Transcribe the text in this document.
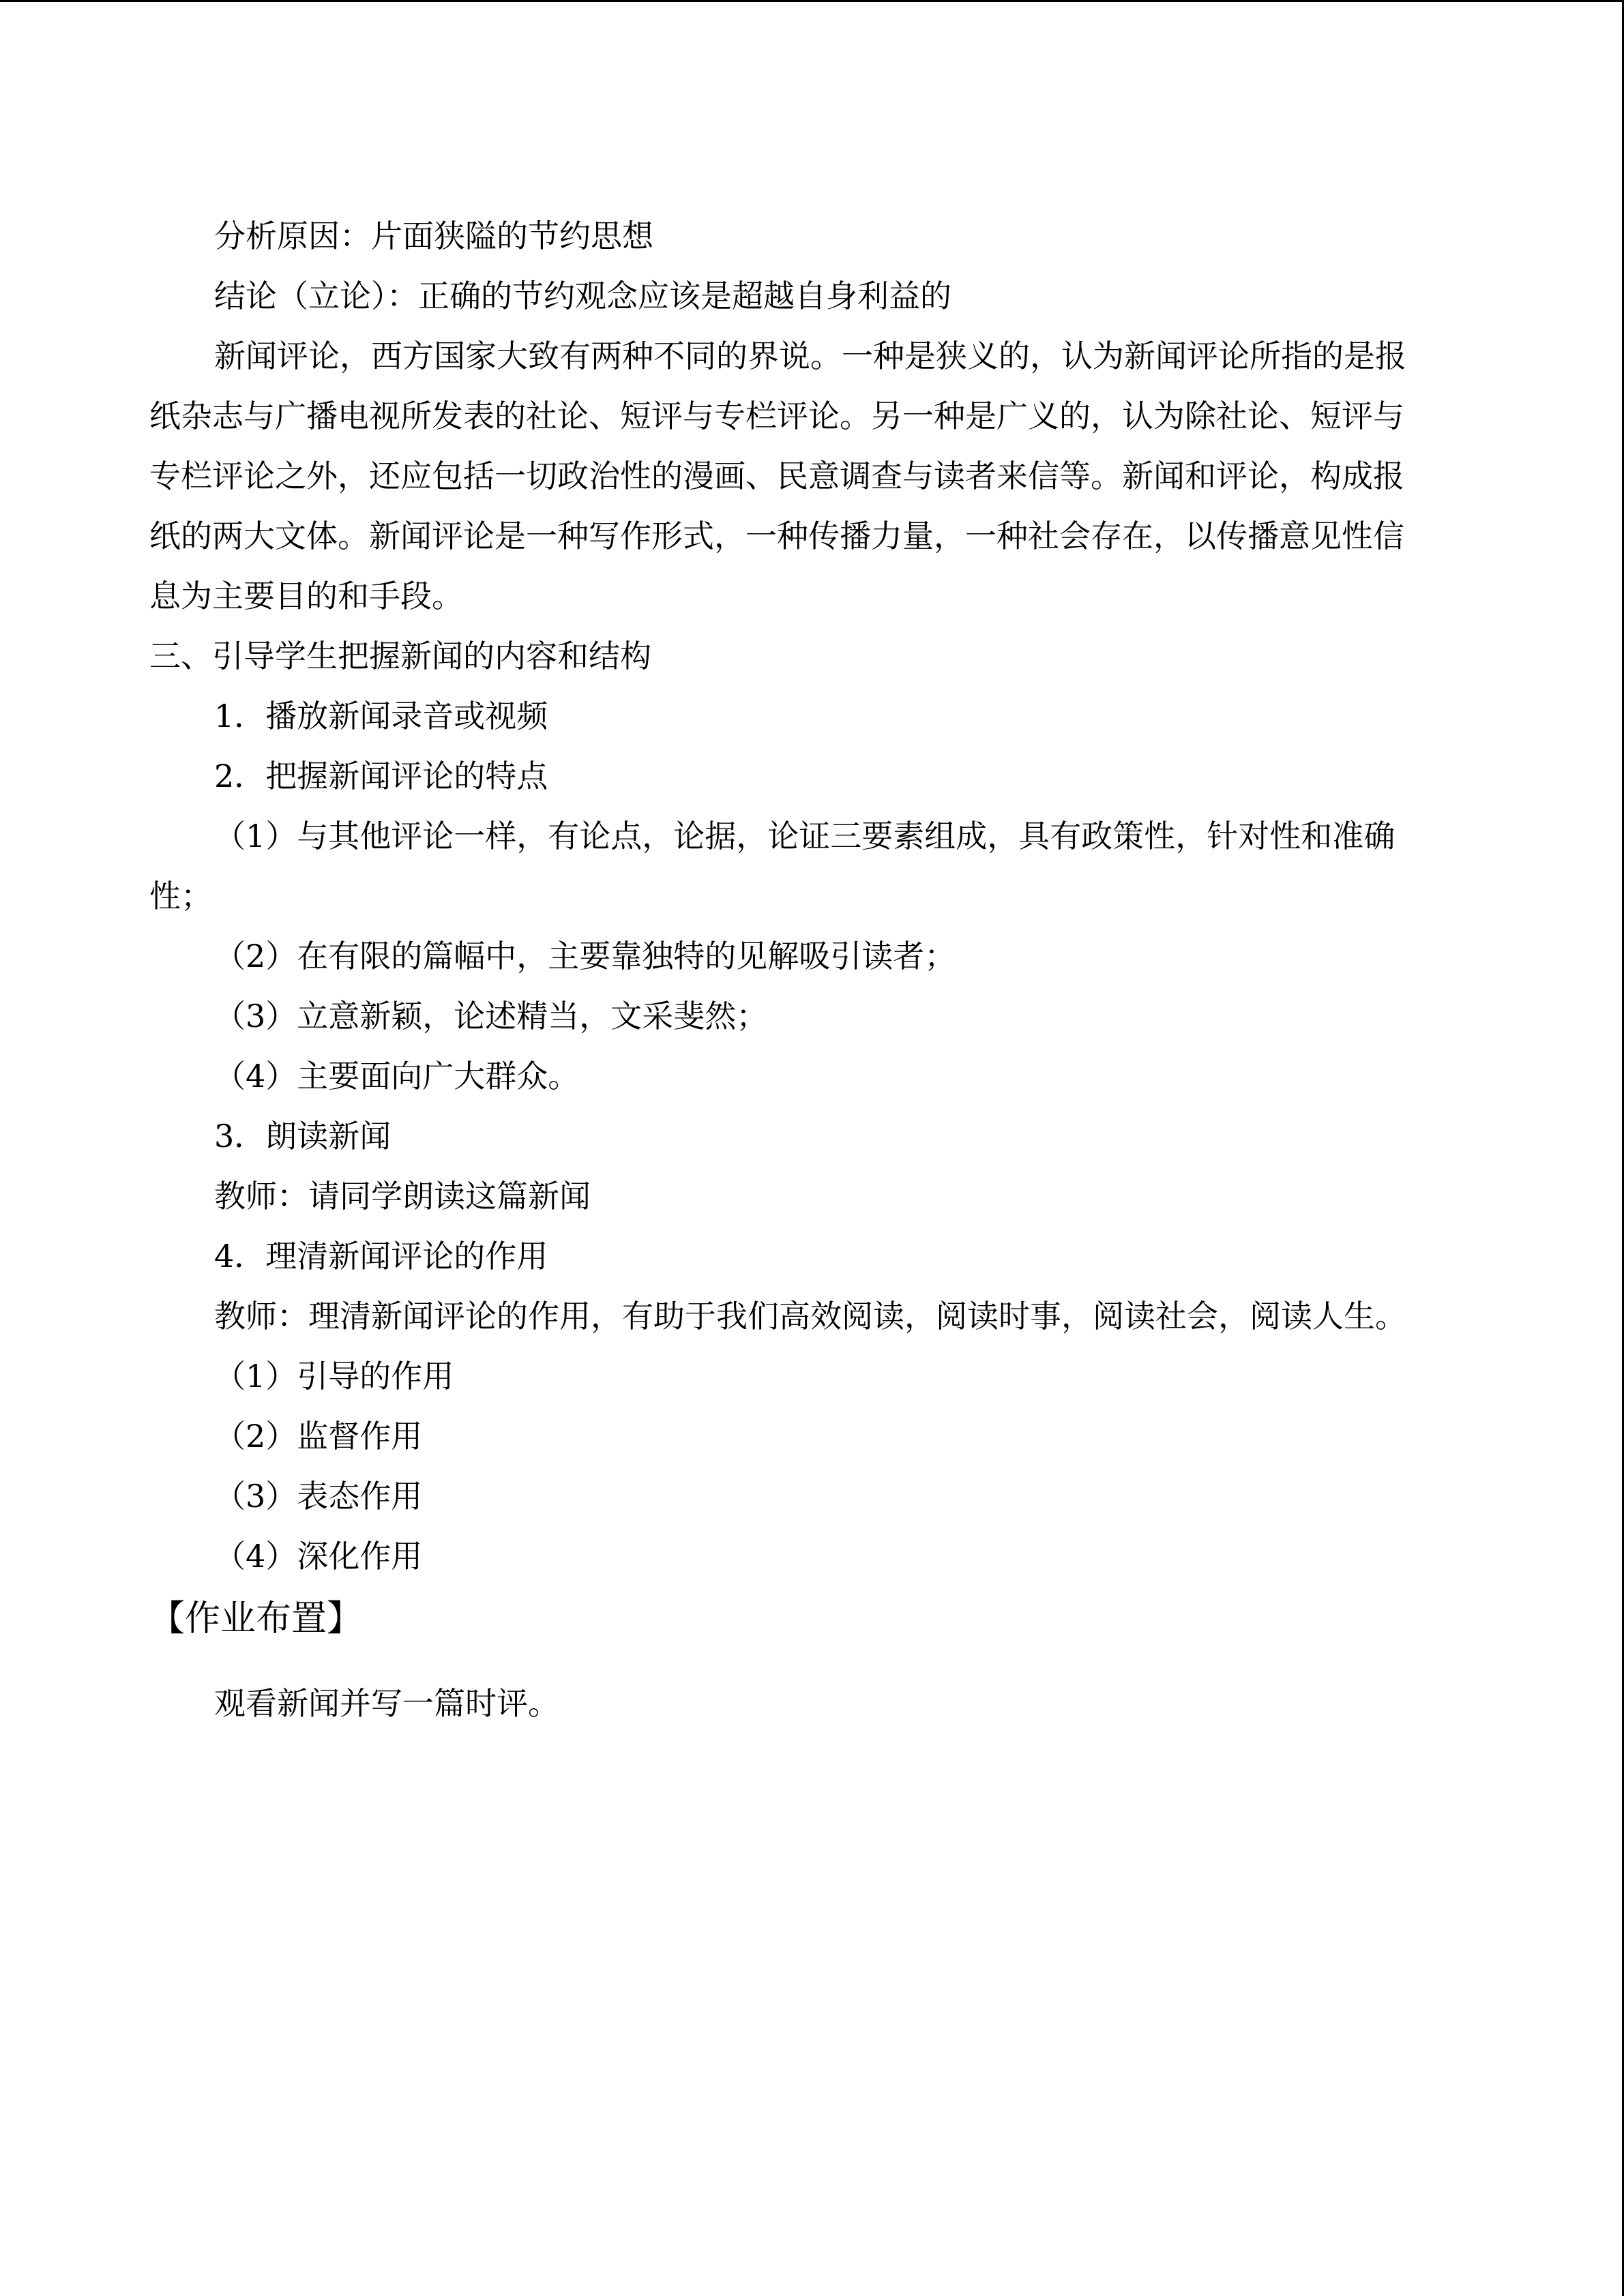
分析原因：片面狭隘的节约思想
结论（立论）：正确的节约观念应该是超越自身利益的
新闻评论，西方国家大致有两种不同的界说。一种是狭义的，认为新闻评论所指的是报
纸杂志与广播电视所发表的社论、短评与专栏评论。另一种是广义的，认为除社论、短评与
专栏评论之外，还应包括一切政治性的漫画、民意调查与读者来信等。新闻和评论，构成报
纸的两大文体。新闻评论是一种写作形式，一种传播力量，一种社会存在，以传播意见性信
息为主要目的和手段。
三、引导学生把握新闻的内容和结构
1．播放新闻录音或视频
2．把握新闻评论的特点
（1）与其他评论一样，有论点，论据，论证三要素组成，具有政策性，针对性和准确
性；
（2）在有限的篇幅中，主要靠独特的见解吸引读者；
（3）立意新颖，论述精当，文采斐然；
（4）主要面向广大群众。
3．朗读新闻
教师：请同学朗读这篇新闻
4．理清新闻评论的作用
教师：理清新闻评论的作用，有助于我们高效阅读，阅读时事，阅读社会，阅读人生。
（1）引导的作用
（2）监督作用
（3）表态作用
（4）深化作用
【作业布置】
观看新闻并写一篇时评。
